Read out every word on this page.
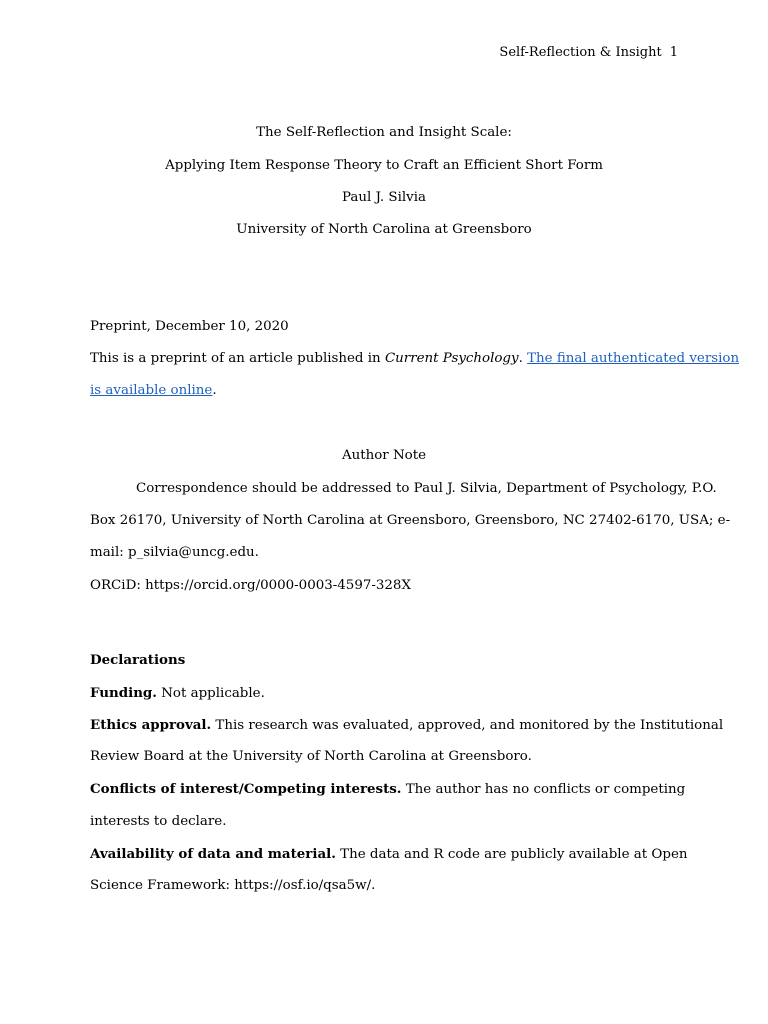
Self-Reflection & Insight 1
The Self-Reflection and Insight Scale:
Applying Item Response Theory to Craft an Efficient Short Form
Paul J. Silvia
University of North Carolina at Greensboro
Preprint, December 10, 2020
This is a preprint of an article published in Current Psychology. The final authenticated version
is available online.
Author Note
Correspondence should be addressed to Paul J. Silvia, Department of Psychology, P.O.
Box 26170, University of North Carolina at Greensboro, Greensboro, NC 27402-6170, USA; e-
mail: p_silvia@uncg.edu.
ORCiD: https://orcid.org/0000-0003-4597-328X
Declarations
Funding. Not applicable.
Ethics approval. This research was evaluated, approved, and monitored by the Institutional
Review Board at the University of North Carolina at Greensboro.
Conflicts of interest/Competing interests. The author has no conflicts or competing
interests to declare.
Availability of data and material. The data and R code are publicly available at Open
Science Framework: https://osf.io/qsa5w/.
